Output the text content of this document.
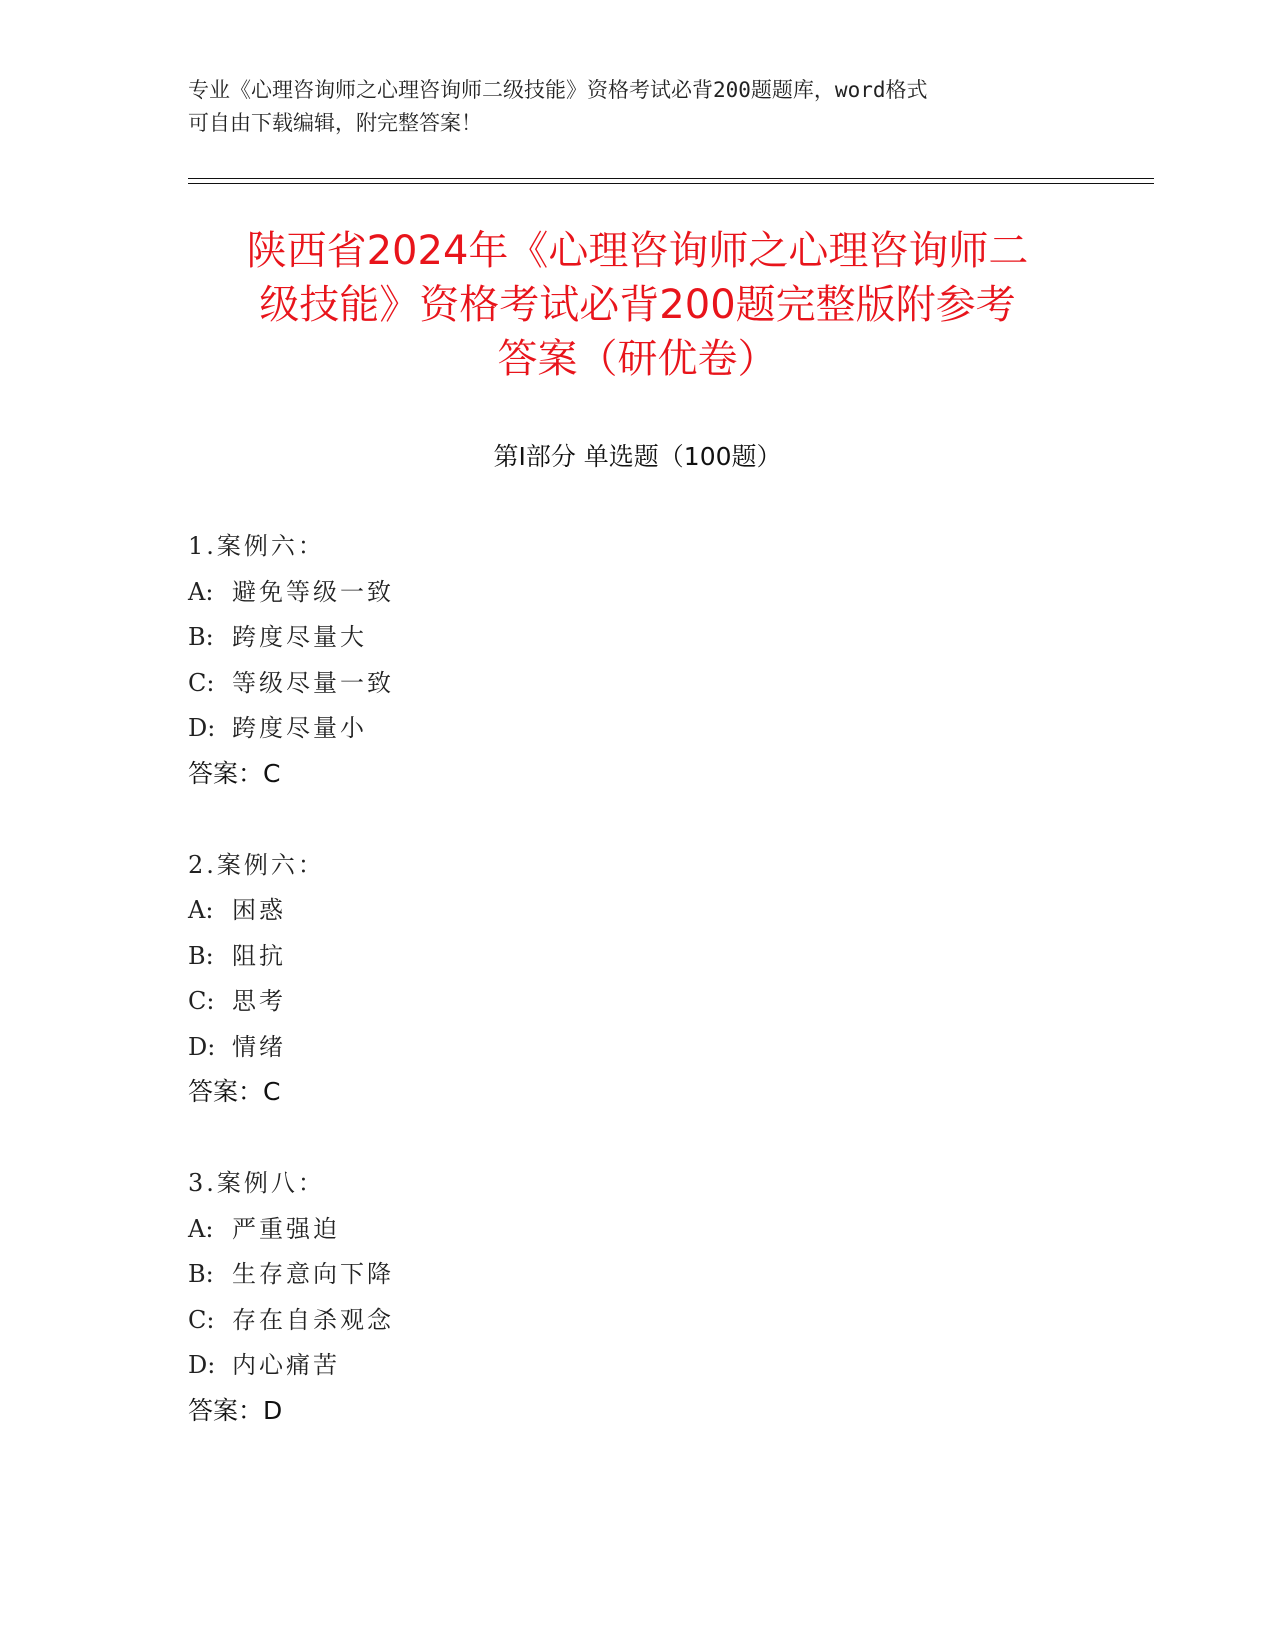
专业《心理咨询师之心理咨询师二级技能》资格考试必背200题题库，word格式
可自由下载编辑，附完整答案！
陕西省2024年《心理咨询师之心理咨询师二
级技能》资格考试必背200题完整版附参考
答案（研优卷）
第Ⅰ部分 单选题（100题）
1.案例六：
A: 避免等级一致
B: 跨度尽量大
C: 等级尽量一致
D: 跨度尽量小
答案：C
2.案例六：
A: 困惑
B: 阻抗
C: 思考
D: 情绪
答案：C
3.案例八：
A: 严重强迫
B: 生存意向下降
C: 存在自杀观念
D: 内心痛苦
答案：D
